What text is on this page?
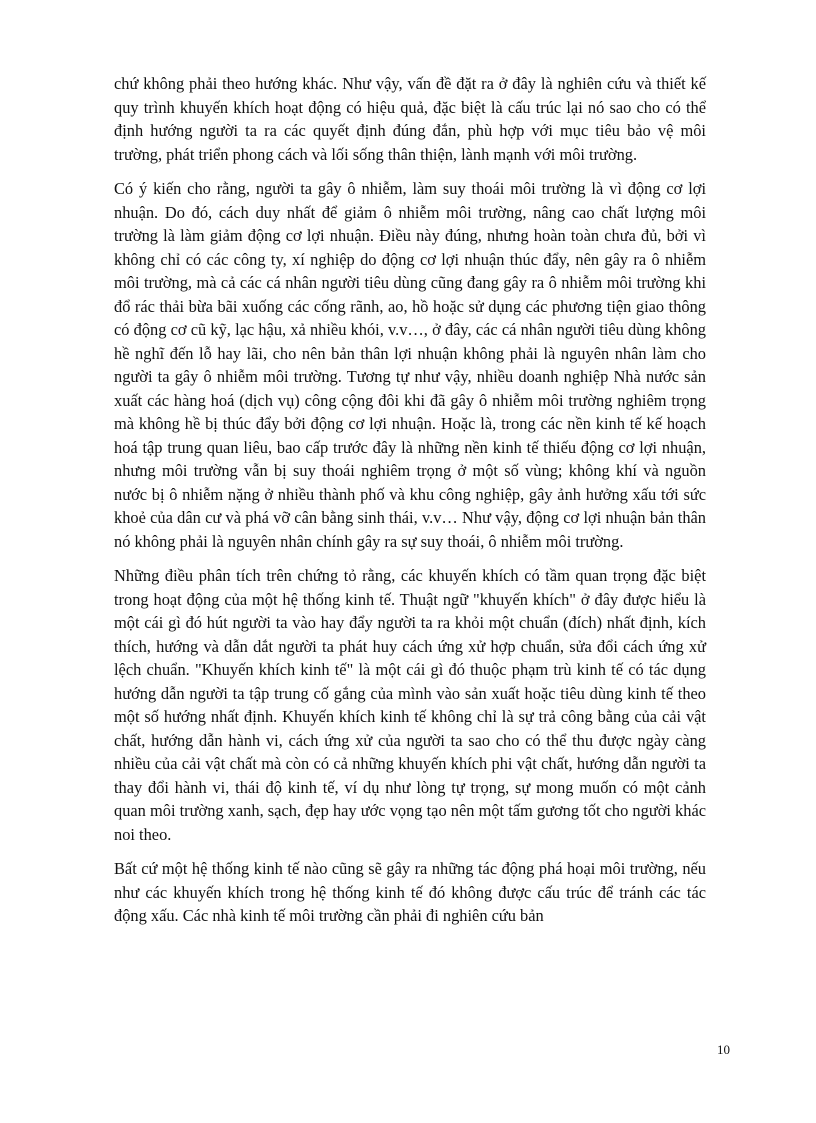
chứ không phải theo hướng khác. Như vậy, vấn đề đặt ra ở đây là nghiên cứu và thiết kế quy trình khuyến khích hoạt động có hiệu quả, đặc biệt là cấu trúc lại nó sao cho có thể định hướng người ta ra các quyết định đúng đắn, phù hợp với mục tiêu bảo vệ môi trường, phát triển phong cách và lối sống thân thiện, lành mạnh với môi trường.

Có ý kiến cho rằng, người ta gây ô nhiễm, làm suy thoái môi trường là vì động cơ lợi nhuận. Do đó, cách duy nhất để giảm ô nhiễm môi trường, nâng cao chất lượng môi trường là làm giảm động cơ lợi nhuận. Điều này đúng, nhưng hoàn toàn chưa đủ, bởi vì không chỉ có các công ty, xí nghiệp do động cơ lợi nhuận thúc đẩy, nên gây ra ô nhiễm môi trường, mà cả các cá nhân người tiêu dùng cũng đang gây ra ô nhiễm môi trường khi đổ rác thải bừa bãi xuống các cống rãnh, ao, hồ hoặc sử dụng các phương tiện giao thông có động cơ cũ kỹ, lạc hậu, xả nhiều khói, v.v…, ở đây, các cá nhân người tiêu dùng không hề nghĩ đến lỗ hay lãi, cho nên bản thân lợi nhuận không phải là nguyên nhân làm cho người ta gây ô nhiễm môi trường. Tương tự như vậy, nhiều doanh nghiệp Nhà nước sản xuất các hàng hoá (dịch vụ) công cộng đôi khi đã gây ô nhiễm môi trường nghiêm trọng mà không hề bị thúc đẩy bởi động cơ lợi nhuận. Hoặc là, trong các nền kinh tế kế hoạch hoá tập trung quan liêu, bao cấp trước đây là những nền kinh tế thiếu động cơ lợi nhuận, nhưng môi trường vẫn bị suy thoái nghiêm trọng ở một số vùng; không khí và nguồn nước bị ô nhiễm nặng ở nhiều thành phố và khu công nghiệp, gây ảnh hưởng xấu tới sức khoẻ của dân cư và phá vỡ cân bằng sinh thái, v.v… Như vậy, động cơ lợi nhuận bản thân nó không phải là nguyên nhân chính gây ra sự suy thoái, ô nhiễm môi trường.

Những điều phân tích trên chứng tỏ rằng, các khuyến khích có tầm quan trọng đặc biệt trong hoạt động của một hệ thống kinh tế. Thuật ngữ "khuyến khích" ở đây được hiểu là một cái gì đó hút người ta vào hay đẩy người ta ra khỏi một chuẩn (đích) nhất định, kích thích, hướng và dẫn dắt người ta phát huy cách ứng xử hợp chuẩn, sửa đổi cách ứng xử lệch chuẩn. "Khuyến khích kinh tế" là một cái gì đó thuộc phạm trù kinh tế có tác dụng hướng dẫn người ta tập trung cố gắng của mình vào sản xuất hoặc tiêu dùng kinh tế theo một số hướng nhất định. Khuyến khích kinh tế không chỉ là sự trả công bằng của cải vật chất, hướng dẫn hành vi, cách ứng xử của người ta sao cho có thể thu được ngày càng nhiều của cải vật chất mà còn có cả những khuyến khích phi vật chất, hướng dẫn người ta thay đổi hành vi, thái độ kinh tế, ví dụ như lòng tự trọng, sự mong muốn có một cảnh quan môi trường xanh, sạch, đẹp hay ước vọng tạo nên một tấm gương tốt cho người khác noi theo.

Bất cứ một hệ thống kinh tế nào cũng sẽ gây ra những tác động phá hoại môi trường, nếu như các khuyến khích trong hệ thống kinh tế đó không được cấu trúc để tránh các tác động xấu. Các nhà kinh tế môi trường cần phải đi nghiên cứu bản

10
